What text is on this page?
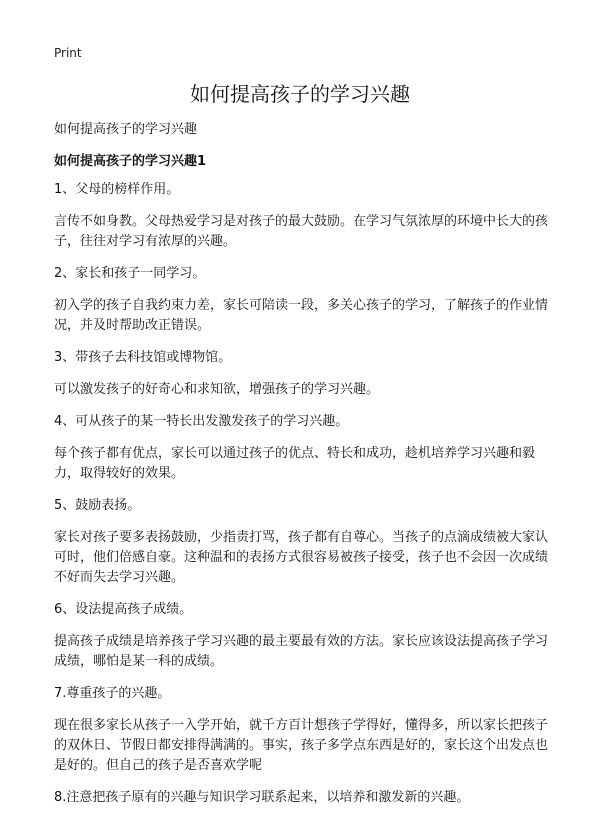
Print
如何提高孩子的学习兴趣
如何提高孩子的学习兴趣
如何提高孩子的学习兴趣1

1、父母的榜样作用。

言传不如身教。父母热爱学习是对孩子的最大鼓励。在学习气氛浓厚的环境中长大的孩子，往往对学习有浓厚的兴趣。

2、家长和孩子一同学习。

初入学的孩子自我约束力差，家长可陪读一段，多关心孩子的学习，了解孩子的作业情况，并及时帮助改正错误。

3、带孩子去科技馆或博物馆。

可以激发孩子的好奇心和求知欲，增强孩子的学习兴趣。

4、可从孩子的某一特长出发激发孩子的学习兴趣。

每个孩子都有优点，家长可以通过孩子的优点、特长和成功，趁机培养学习兴趣和毅力，取得较好的效果。

5、鼓励表扬。

家长对孩子要多表扬鼓励，少指责打骂，孩子都有自尊心。当孩子的点滴成绩被大家认可时，他们倍感自豪。这种温和的表扬方式很容易被孩子接受，孩子也不会因一次成绩不好而失去学习兴趣。

6、设法提高孩子成绩。

提高孩子成绩是培养孩子学习兴趣的最主要最有效的方法。家长应该设法提高孩子学习成绩，哪怕是某一科的成绩。

7.尊重孩子的兴趣。

现在很多家长从孩子一入学开始，就千方百计想孩子学得好，懂得多，所以家长把孩子的双休日、节假日都安排得满满的。事实，孩子多学点东西是好的，家长这个出发点也是好的。但自己的孩子是否喜欢学呢

8.注意把孩子原有的兴趣与知识学习联系起来，以培养和激发新的兴趣。
